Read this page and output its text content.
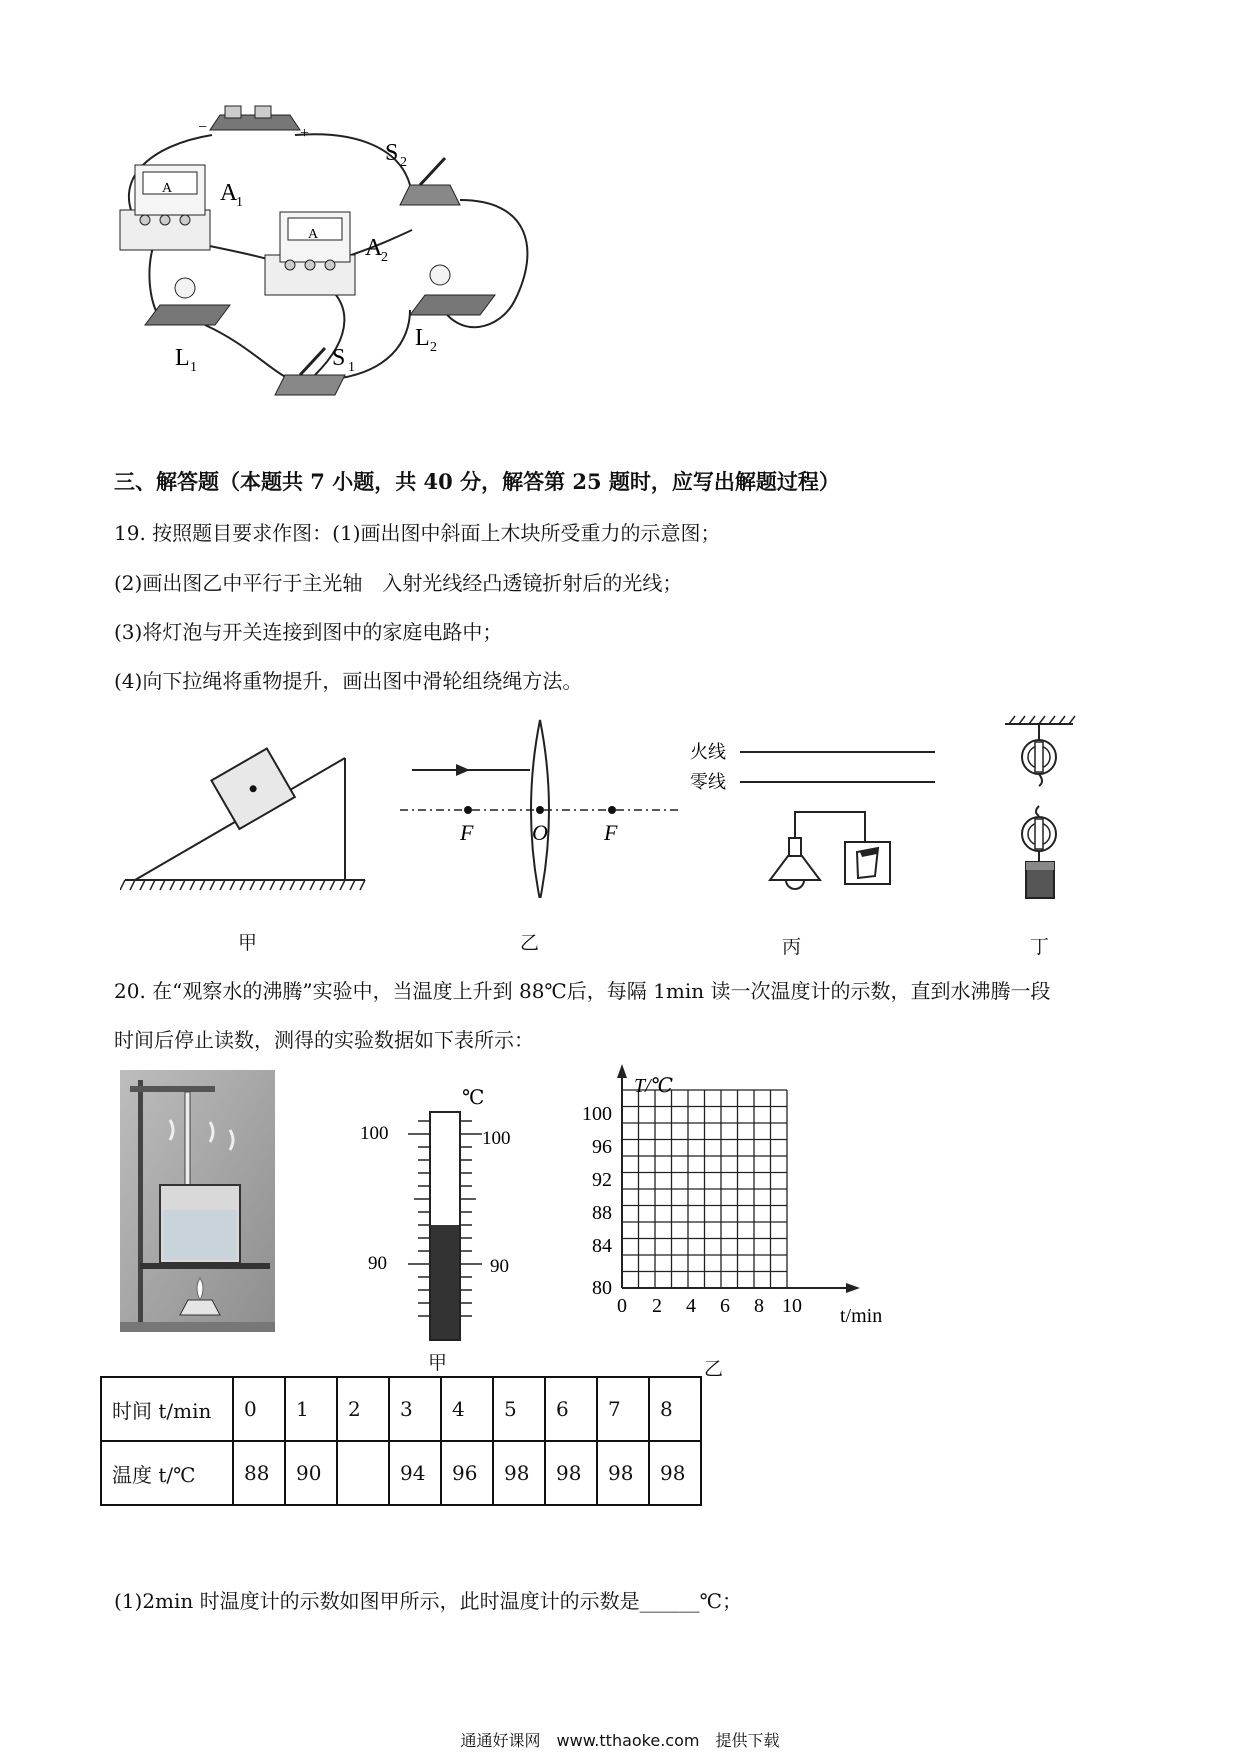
−	+
A A
1
A
A
2
S 2
L 1
L 2
S 1
三、解答题（本题共 7 小题，共 40 分，解答第 25 题时，应写出解题过程）
19. 按照题目要求作图：(1)画出图中斜面上木块所受重力的示意图；
(2)画出图乙中平行于主光轴　入射光线经凸透镜折射后的光线；
(3)将灯泡与开关连接到图中的家庭电路中；
(4)向下拉绳将重物提升，画出图中滑轮组绕绳方法。
F	O	F
火线
零线
甲	乙	丙	丁
20. 在“观察水的沸腾”实验中，当温度上升到 88℃后，每隔 1min 读一次温度计的示数，直到水沸腾一段
时间后停止读数，测得的实验数据如下表所示：
℃
100	100
90	90
甲
T/℃
t/min
100
96
92
88
84
80
0 2 4 6 8 10
乙
时间 t/min	0	1	2	3	4	5	6	7	8
温度 t/℃	88	90		94	96	98	98	98	98
(1)2min 时温度计的示数如图甲所示，此时温度计的示数是______℃；
通通好课网　www.tthaoke.com　提供下载
